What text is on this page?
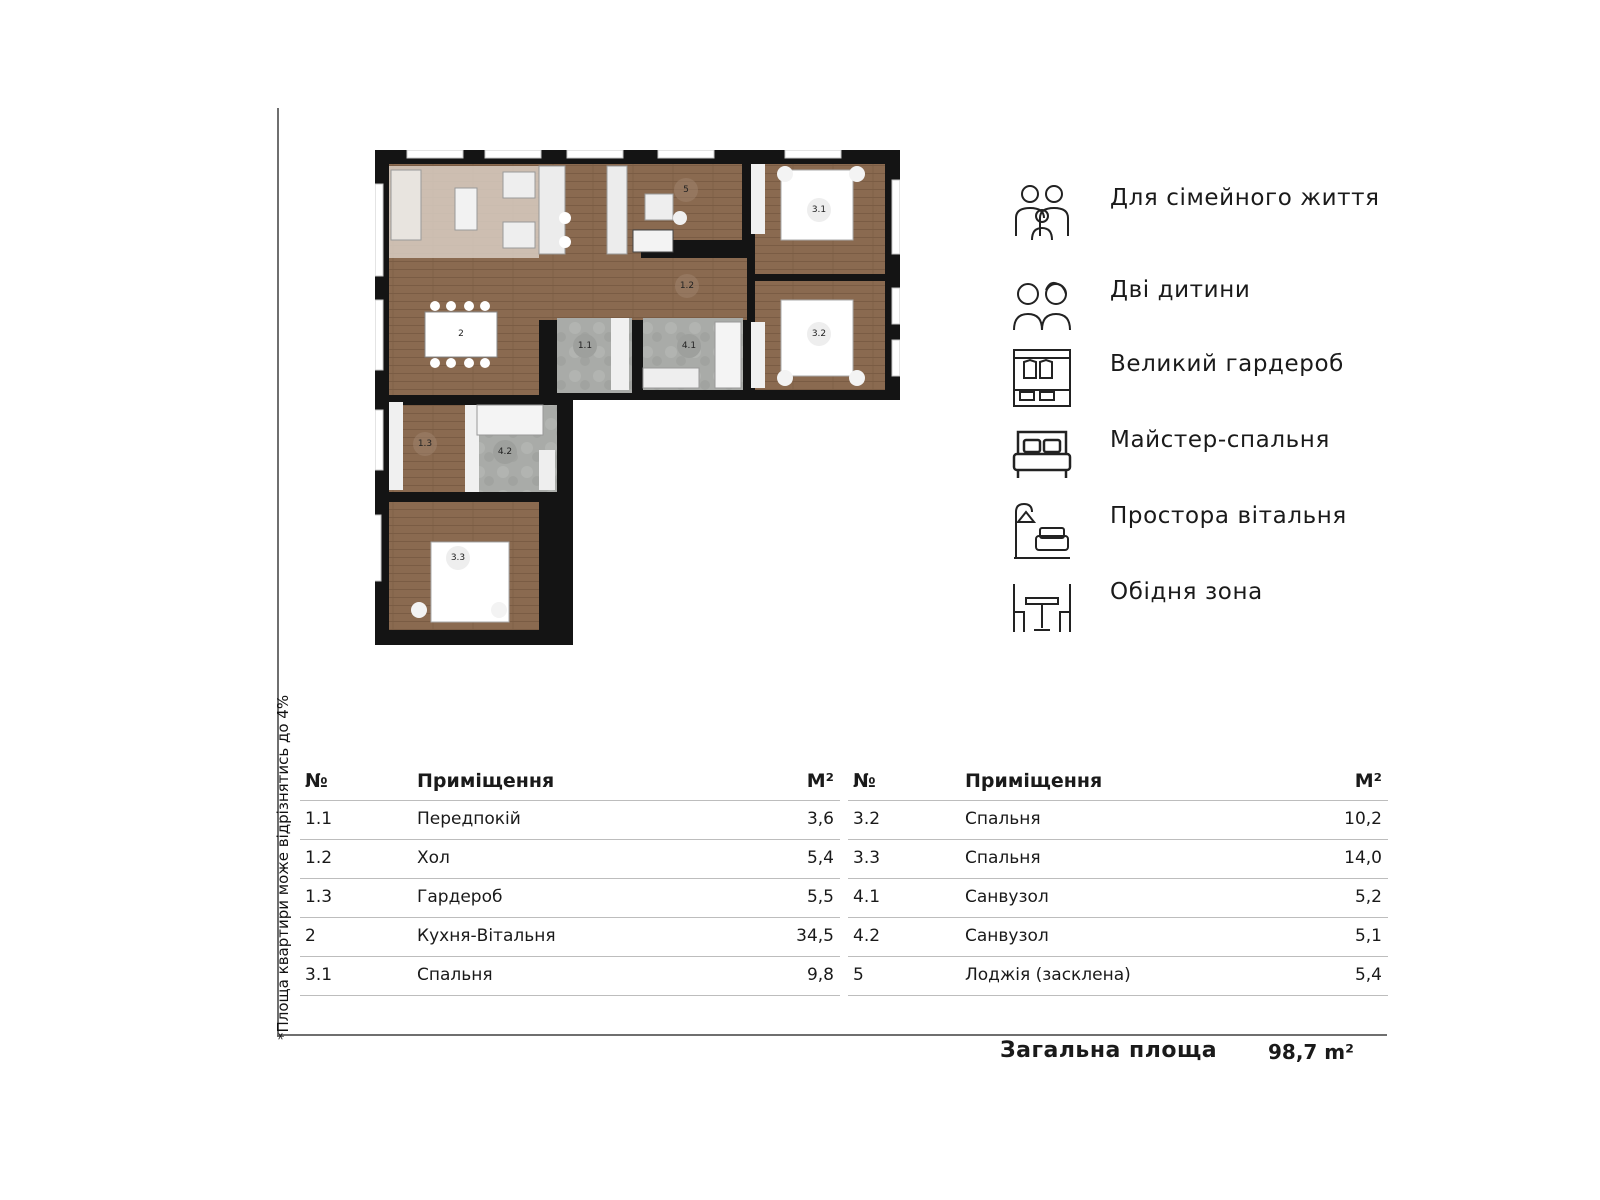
*Площа квартири може відрізнятись до 4%
2
5
1.2
3.1
3.2
1.1	4.1
1.3
4.2
3.3
Для сімейного життя
Дві дитини
Великий гардероб
Майстер-спальня
Простора вітальня
Обідня зона
№	Приміщення	М²
1.1	Передпокій	3,6
1.2	Хол	5,4
1.3	Гардероб	5,5
2	Кухня-Вітальня	34,5
3.1	Спальня	9,8
№	Приміщення	М²
3.2	Спальня	10,2
3.3	Спальня	14,0
4.1	Санвузол	5,2
4.2	Санвузол	5,1
5	Лоджія (засклена)	5,4
Загальна площа	98,7 m²
